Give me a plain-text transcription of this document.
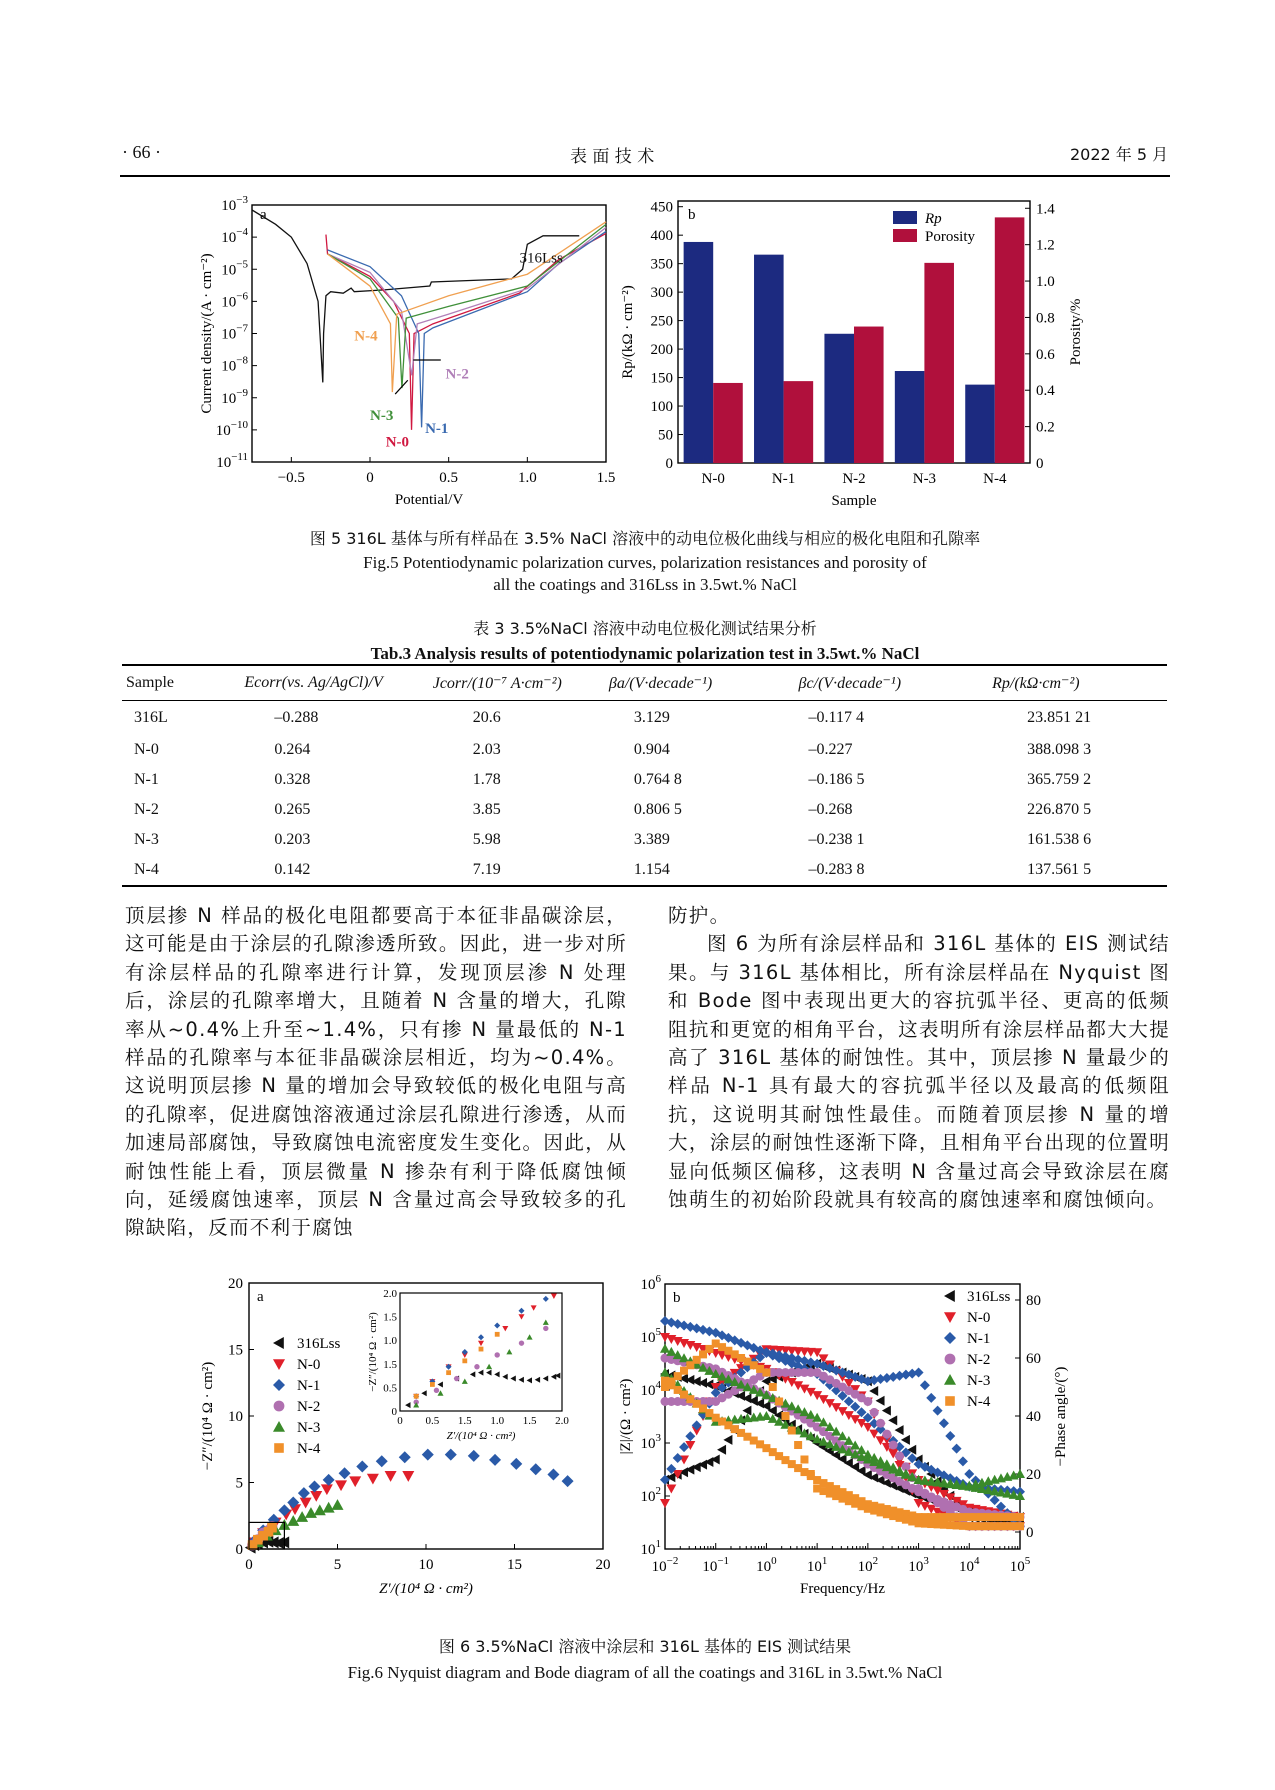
· 66 ·	表 面 技 术	2022 年 5 月
$10^{-3}$
$10^{-4}$
$10^{-5}$
$10^{-6}$
$10^{-7}$
$10^{-8}$
$10^{-9}$
$10^{-10}$
$10^{-11}$
−0.5	0	0.5	1.0	1.5
Potential/V
Current density/(A · cm⁻²)
a
316Lss
N-4
N-2
N-3
N-0
N-1
0
50
100
150
200
250
300
350
400
450
0
0.2
0.4
0.6
0.8
1.0
1.2
1.4
N-0	N-1	N-2	N-3	N-4
Sample
Rp/(kΩ · cm⁻²)	Porosity/%
b	Rp
Porosity
图 5 316L 基体与所有样品在 3.5% NaCl 溶液中的动电位极化曲线与相应的极化电阻和孔隙率
Fig.5 Potentiodynamic polarization curves, polarization resistances and porosity of
all the coatings and 316Lss in 3.5wt.% NaCl
表 3 3.5%NaCl 溶液中动电位极化测试结果分析
Tab.3 Analysis results of potentiodynamic polarization test in 3.5wt.% NaCl
Sample	Ecorr(vs. Ag/AgCl)/V	Jcorr/(10⁻⁷ A·cm⁻²)	βa/(V·decade⁻¹)	βc/(V·decade⁻¹)	Rp/(kΩ·cm⁻²)
316L	–0.288	20.6	3.129	–0.117 4	23.851 21
N-0	0.264	2.03	0.904	–0.227	388.098 3
N-1	0.328	1.78	0.764 8	–0.186 5	365.759 2
N-2	0.265	3.85	0.806 5	–0.268	226.870 5
N-3	0.203	5.98	3.389	–0.238 1	161.538 6
N-4	0.142	7.19	1.154	–0.283 8	137.561 5

顶层掺 N 样品的极化电阻都要高于本征非晶碳涂层，这可能是由于涂层的孔隙渗透所致。因此，进一步对所有涂层样品的孔隙率进行计算，发现顶层渗 N 处理后，涂层的孔隙率增大，且随着 N 含量的增大，孔隙率从~0.4%上升至~1.4%，只有掺 N 量最低的 N-1 样品的孔隙率与本征非晶碳涂层相近，均为~0.4%。这说明顶层掺 N 量的增加会导致较低的极化电阻与高的孔隙率，促进腐蚀溶液通过涂层孔隙进行渗透，从而加速局部腐蚀，导致腐蚀电流密度发生变化。因此，从耐蚀性能上看，顶层微量 N 掺杂有利于降低腐蚀倾向，延缓腐蚀速率，顶层 N 含量过高会导致较多的孔隙缺陷，反而不利于腐蚀

防护。

图 6 为所有涂层样品和 316L 基体的 EIS 测试结果。与 316L 基体相比，所有涂层样品在 Nyquist 图和 Bode 图中表现出更大的容抗弧半径、更高的低频阻抗和更宽的相角平台，这表明所有涂层样品都大大提高了 316L 基体的耐蚀性。其中，顶层掺 N 量最少的样品 N-1 具有最大的容抗弧半径以及最高的低频阻抗，这说明其耐蚀性最佳。而随着顶层掺 N 量的增大，涂层的耐蚀性逐渐下降，且相角平台出现的位置明显向低频区偏移，这表明 N 含量过高会导致涂层在腐蚀萌生的初始阶段就具有较高的腐蚀速率和腐蚀倾向。

0	5	10	15	20
0
5
10
15
20
Z′/(10⁴ Ω · cm²)
−Z″/(10⁴ Ω · cm²)
a
316Lss
N-0
N-1
N-2
N-3
N-4
0 0.5 1.5 1.0 1.5 2.0
0
0.5
1.5
1.0
1.5
2.0
Z′/(10⁴ Ω · cm²)
−Z″/(10⁴ Ω · cm²)
$10^{-2}$ $10^{-1}$ $10^0$ $10^1$ $10^2$ $10^3$ $10^4$ $10^5$
$10^1$
$10^2$
$10^3$
$10^4$
$10^5$
$10^6$
0
20
40
60
80
Frequency/Hz
|Z|/(Ω · cm²)	−Phase angle/(°)
b	316Lss
N-0
N-1
N-2
N-3
N-4
图 6 3.5%NaCl 溶液中涂层和 316L 基体的 EIS 测试结果
Fig.6 Nyquist diagram and Bode diagram of all the coatings and 316L in 3.5wt.% NaCl
